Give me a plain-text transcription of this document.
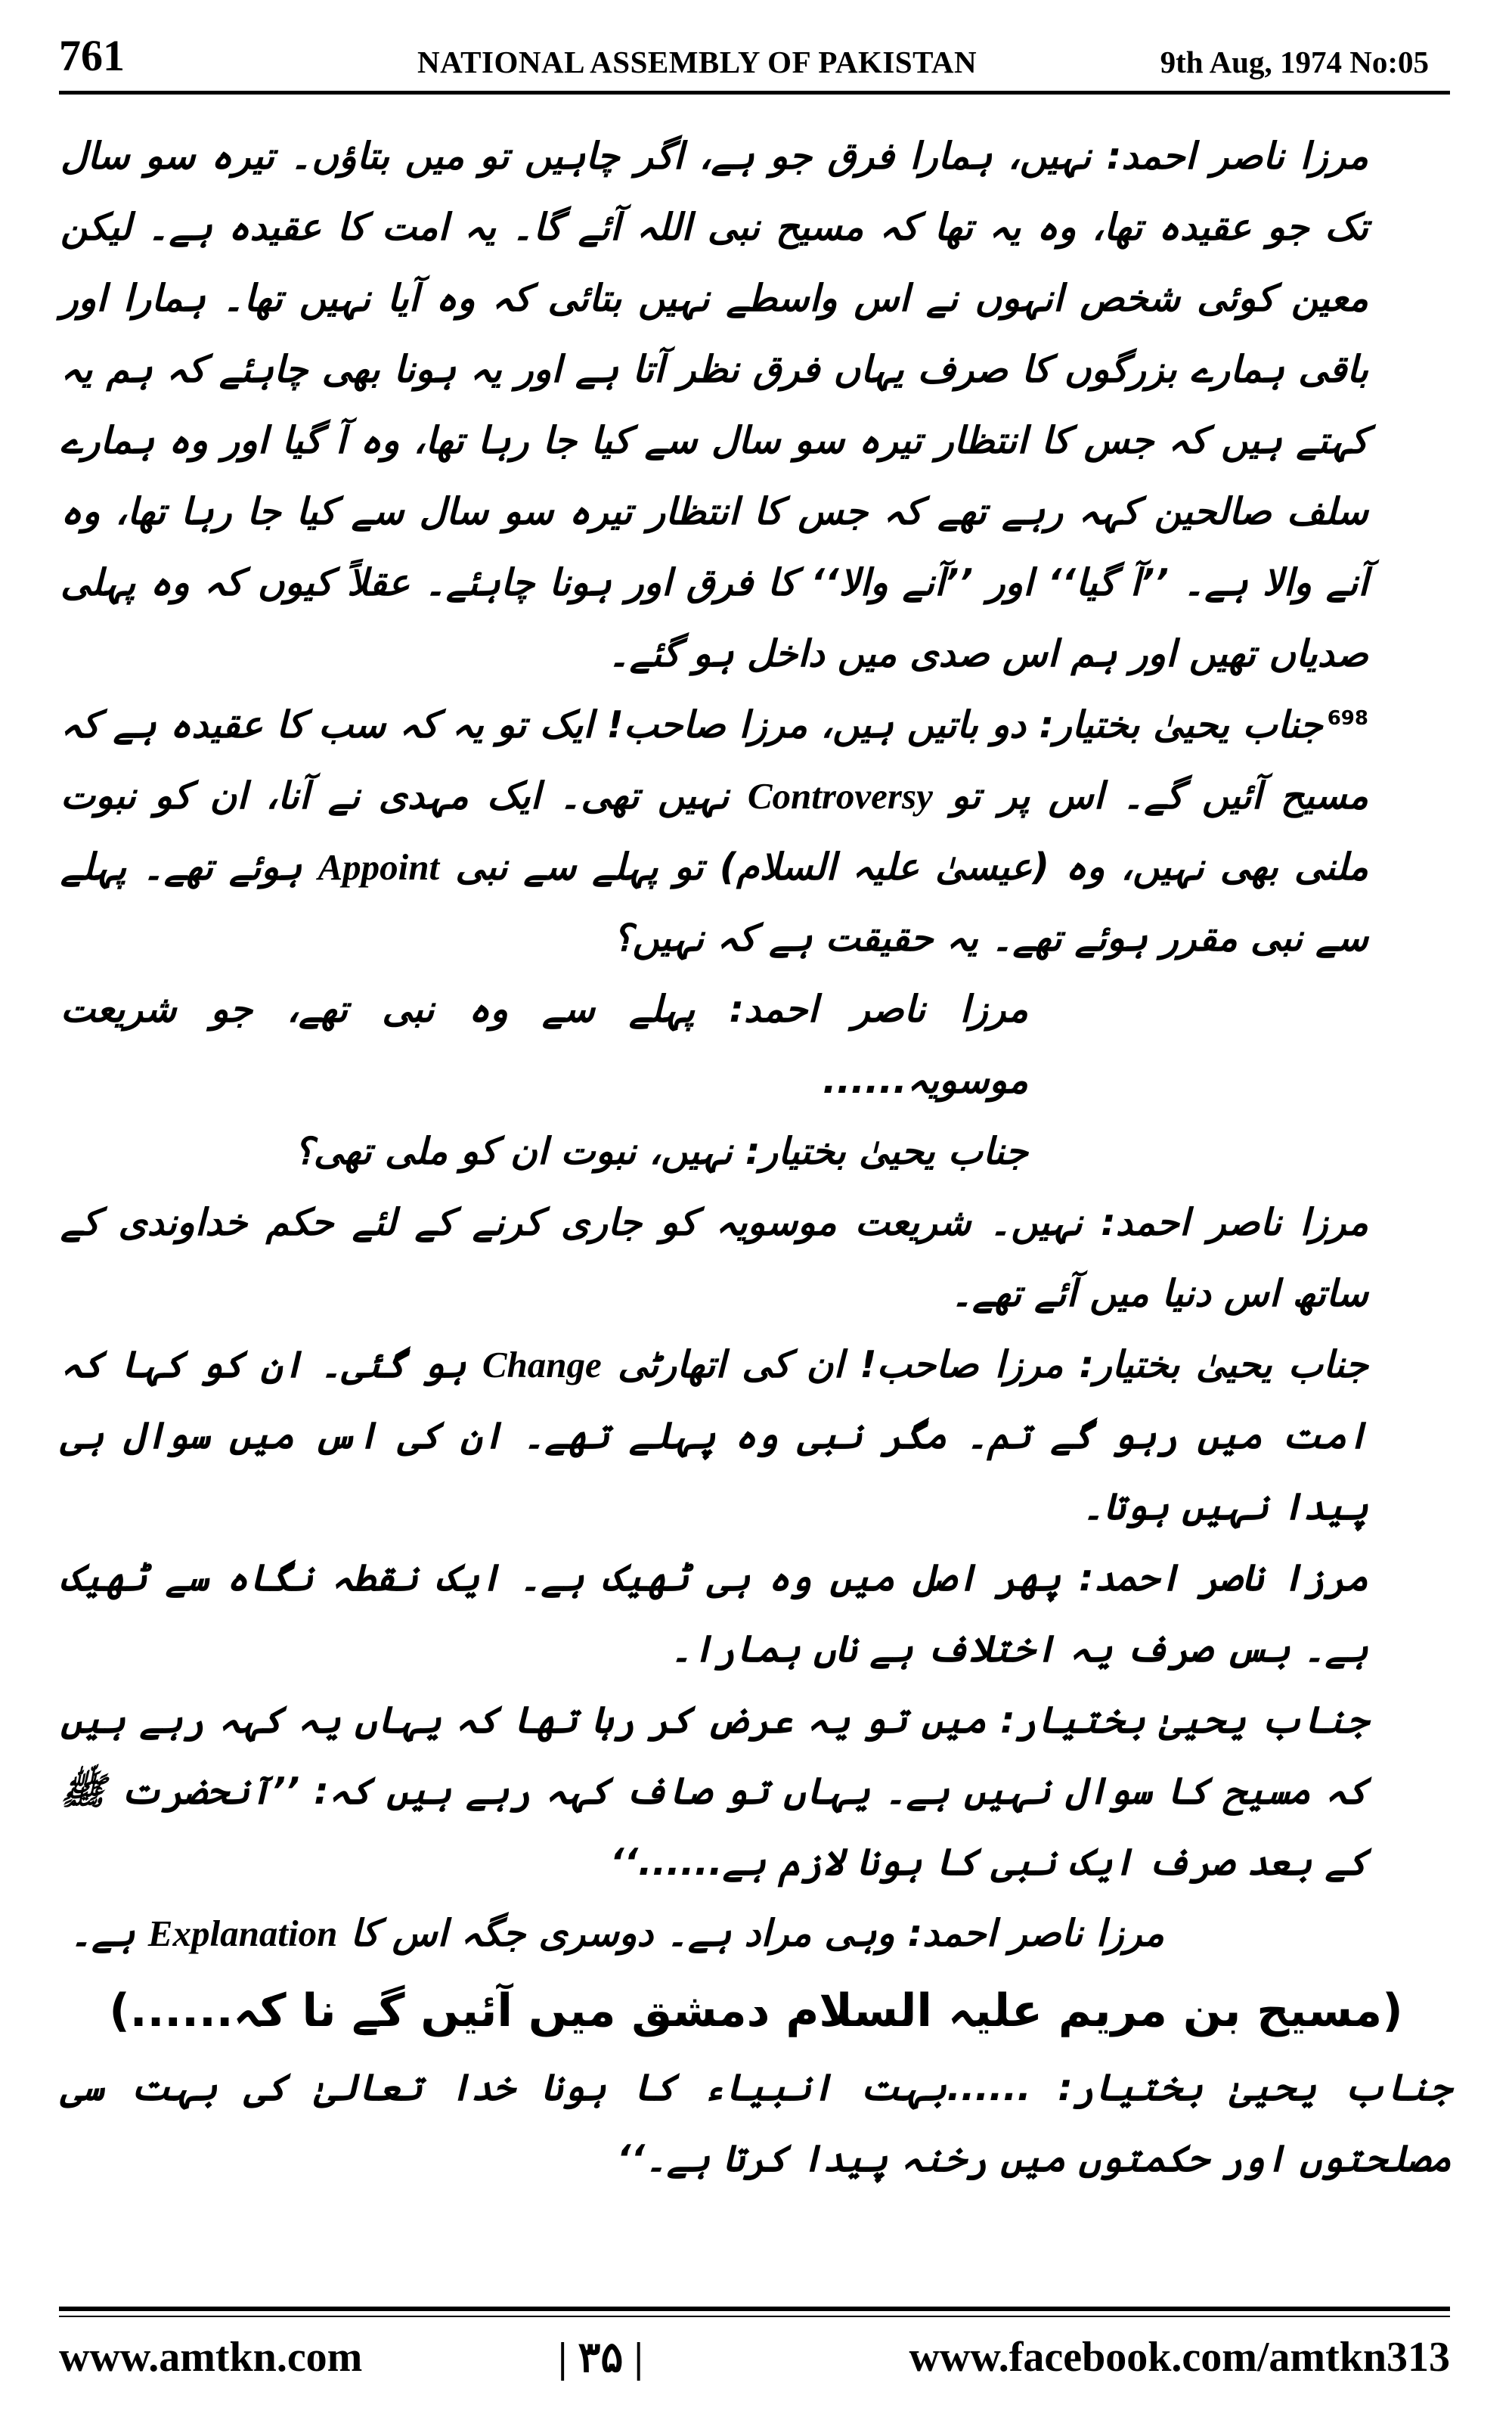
761	NATIONAL ASSEMBLY OF PAKISTAN	9th Aug, 1974 No:05

مرزا ناصر احمد: نہیں، ہمارا فرق جو ہے، اگر چاہیں تو میں بتاؤں۔ تیرہ سو سال تک جو عقیدہ تھا، وہ یہ تھا کہ مسیح نبی اللہ آئے گا۔ یہ امت کا عقیدہ ہے۔ لیکن معین کوئی شخص انہوں نے اس واسطے نہیں بتائی کہ وہ آیا نہیں تھا۔ ہمارا اور باقی ہمارے بزرگوں کا صرف یہاں فرق نظر آتا ہے اور یہ ہونا بھی چاہئے کہ ہم یہ کہتے ہیں کہ جس کا انتظار تیرہ سو سال سے کیا جا رہا تھا، وہ آ گیا اور وہ ہمارے سلف صالحین کہہ رہے تھے کہ جس کا انتظار تیرہ سو سال سے کیا جا رہا تھا، وہ آنے والا ہے۔ ’’آ گیا‘‘ اور ’’آنے والا‘‘ کا فرق اور ہونا چاہئے۔ عقلاً کیوں کہ وہ پہلی صدیاں تھیں اور ہم اس صدی میں داخل ہو گئے۔

$^{698}$جناب یحییٰ بختیار: دو باتیں ہیں، مرزا صاحب! ایک تو یہ کہ سب کا عقیدہ ہے کہ مسیح آئیں گے۔ اس پر تو Controversy نہیں تھی۔ ایک مہدی نے آنا، ان کو نبوت ملنی بھی نہیں، وہ (عیسیٰ علیہ السلام) تو پہلے سے نبی Appoint ہوئے تھے۔ پہلے سے نبی مقرر ہوئے تھے۔ یہ حقیقت ہے کہ نہیں؟

مرزا ناصر احمد: پہلے سے وہ نبی تھے، جو شریعت موسویہ......

جناب یحییٰ بختیار: نہیں، نبوت ان کو ملی تھی؟

مرزا ناصر احمد: نہیں۔ شریعت موسویہ کو جاری کرنے کے لئے حکم خداوندی کے ساتھ اس دنیا میں آئے تھے۔

جناب یحییٰ بختیار: مرزا صاحب! ان کی اتھارٹی Change ہو گئی۔ ان کو کہا کہ امت میں رہو گے تم۔ مگر نبی وہ پہلے تھے۔ ان کی اس میں سوال ہی پیدا نہیں ہوتا۔

مرزا ناصر احمد: پھر اصل میں وہ ہی ٹھیک ہے۔ ایک نقطہ نگاہ سے ٹھیک ہے۔ بس صرف یہ اختلاف ہے ناں ہمارا۔

جناب یحییٰ بختیار: میں تو یہ عرض کر رہا تھا کہ یہاں یہ کہہ رہے ہیں کہ مسیح کا سوال نہیں ہے۔ یہاں تو صاف کہہ رہے ہیں کہ: ’’آنحضرت ﷺ کے بعد صرف ایک نبی کا ہونا لازم ہے......‘‘

مرزا ناصر احمد: وہی مراد ہے۔ دوسری جگہ اس کا Explanation ہے۔

(مسیح بن مریم علیہ السلام دمشق میں آئیں گے نا کہ......)

جناب یحییٰ بختیار: ......بہت انبیاء کا ہونا خدا تعالیٰ کی بہت سی مصلحتوں اور حکمتوں میں رخنہ پیدا کرتا ہے۔‘‘

www.amtkn.com	| ۳۵ |	www.facebook.com/amtkn313
